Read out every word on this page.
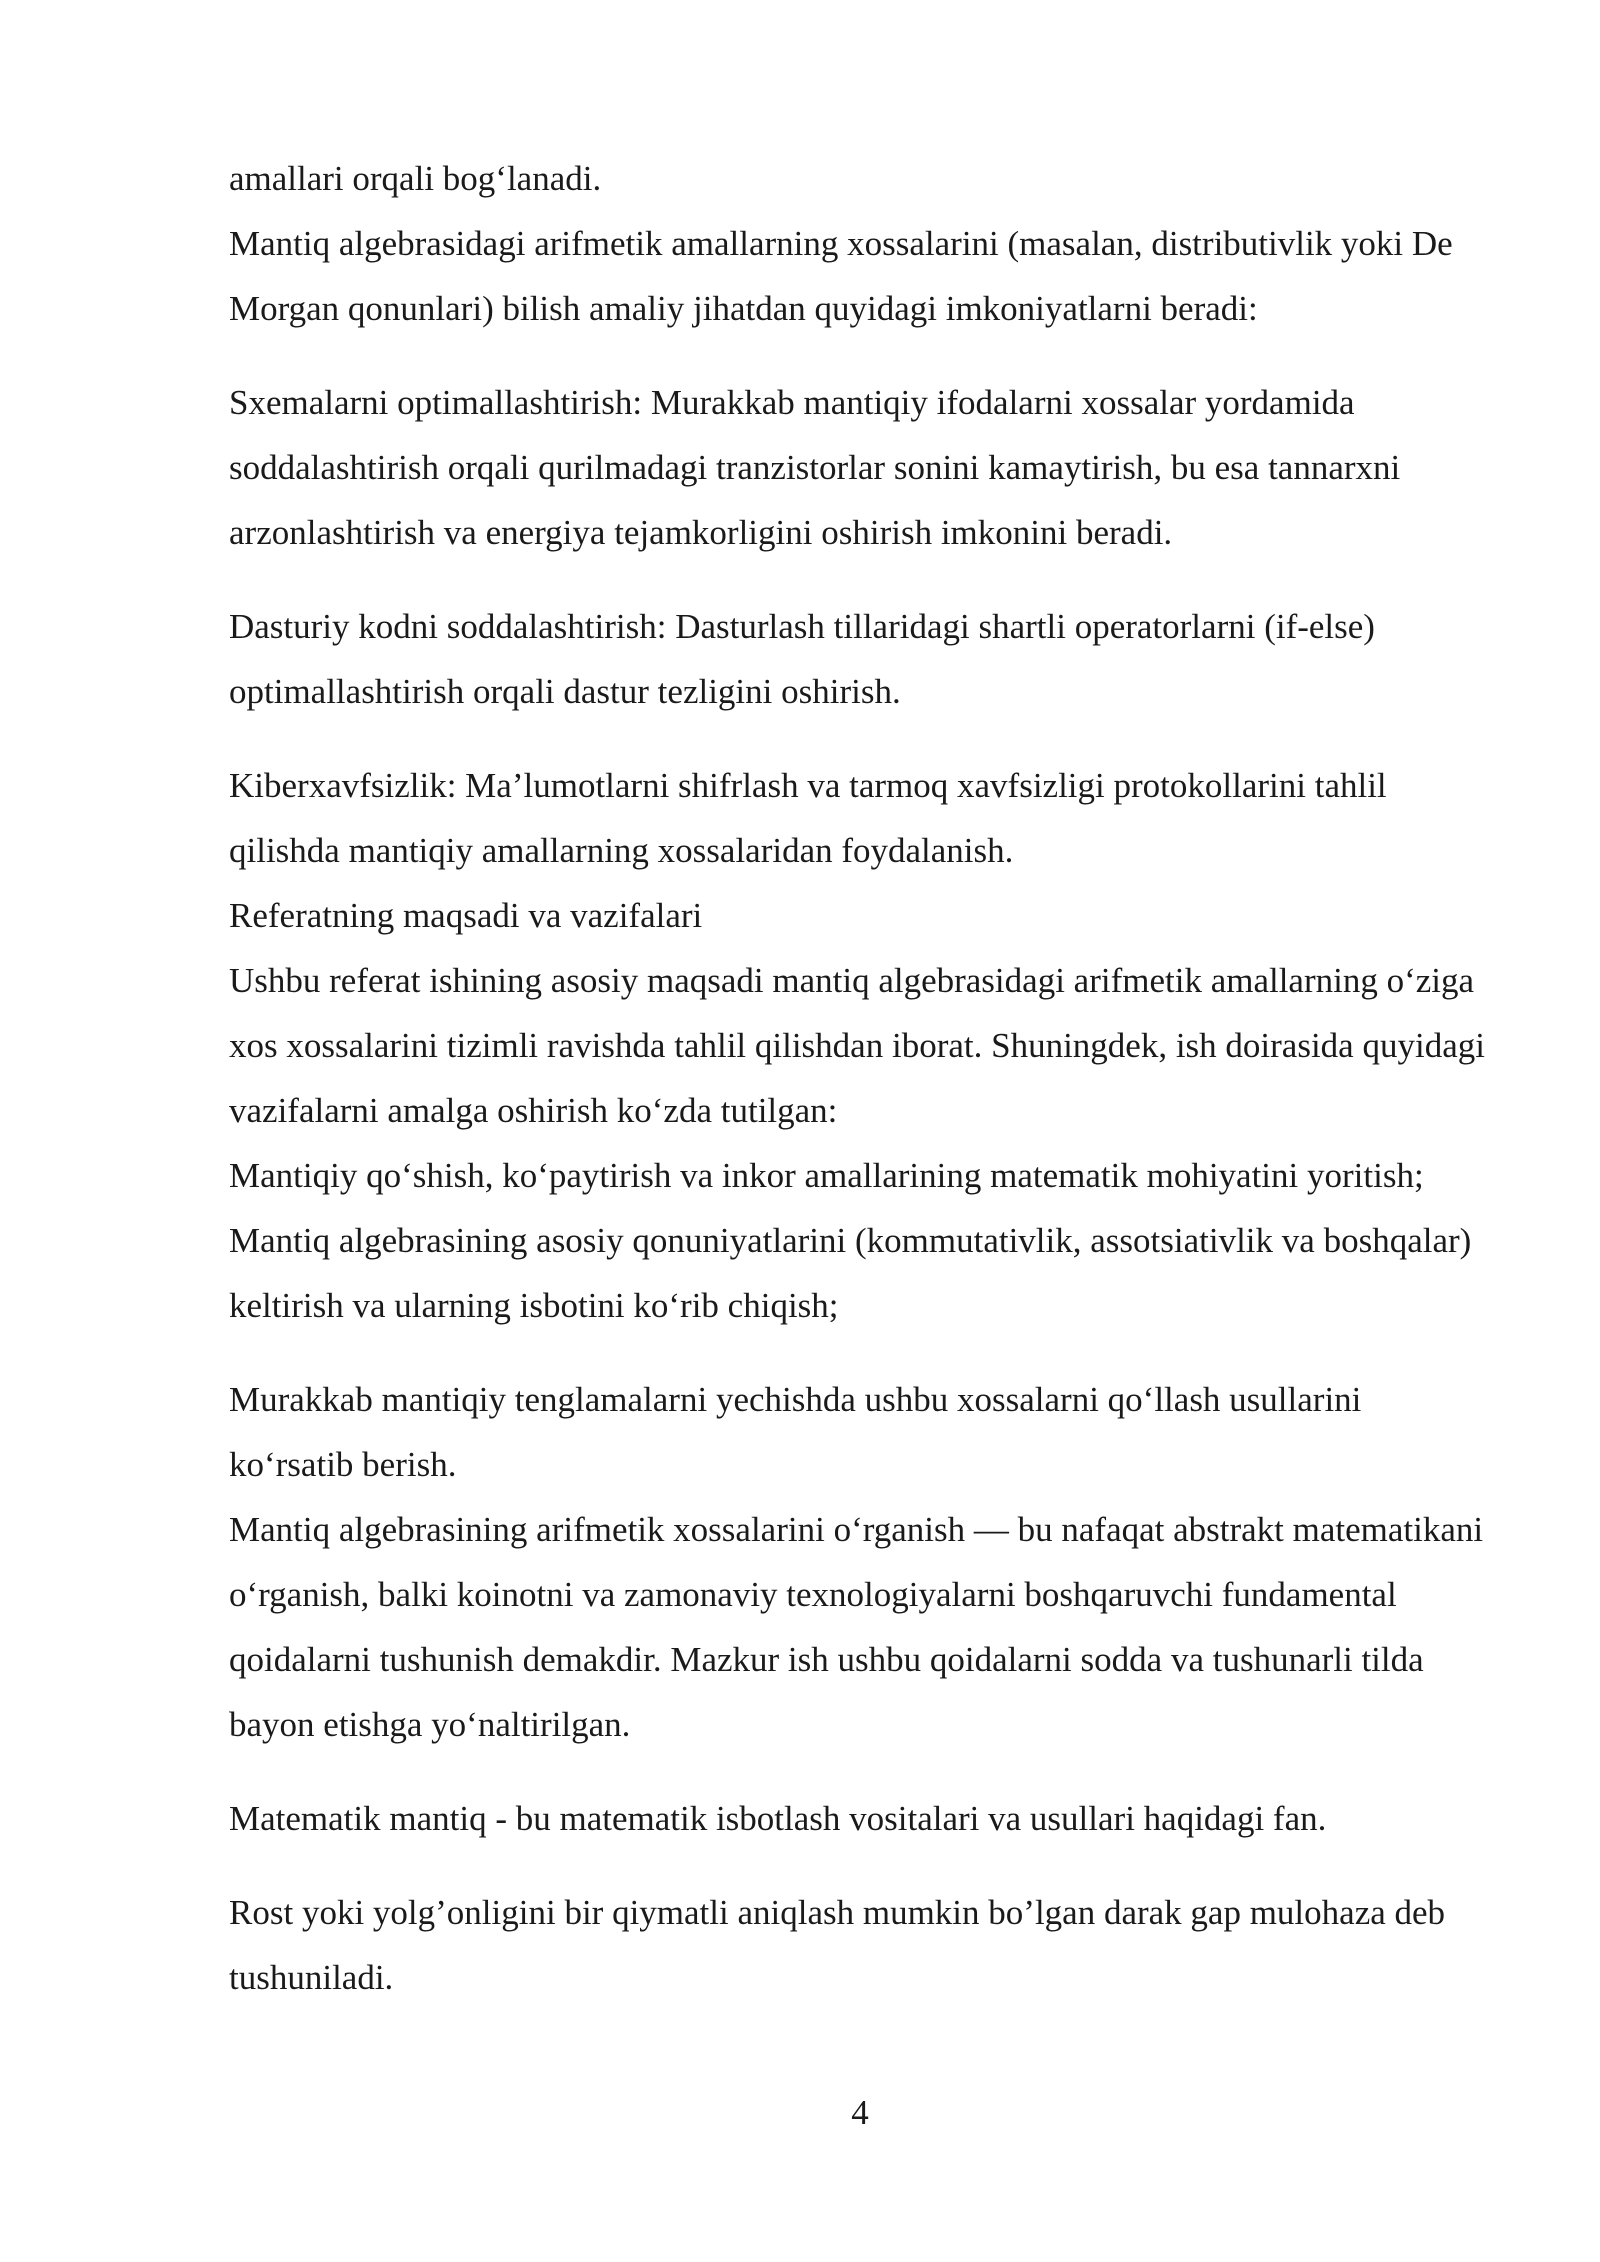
amallari orqali bog‘lanadi.

Mantiq algebrasidagi arifmetik amallarning xossalarini (masalan, distributivlik yoki De Morgan qonunlari) bilish amaliy jihatdan quyidagi imkoniyatlarni beradi:

Sxemalarni optimallashtirish: Murakkab mantiqiy ifodalarni xossalar yordamida soddalashtirish orqali qurilmadagi tranzistorlar sonini kamaytirish, bu esa tannarxni arzonlashtirish va energiya tejamkorligini oshirish imkonini beradi.

Dasturiy kodni soddalashtirish: Dasturlash tillaridagi shartli operatorlarni (if-else) optimallashtirish orqali dastur tezligini oshirish.

Kiberxavfsizlik: Ma’lumotlarni shifrlash va tarmoq xavfsizligi protokollarini tahlil qilishda mantiqiy amallarning xossalaridan foydalanish.

Referatning maqsadi va vazifalari

Ushbu referat ishining asosiy maqsadi mantiq algebrasidagi arifmetik amallarning o‘ziga xos xossalarini tizimli ravishda tahlil qilishdan iborat. Shuningdek, ish doirasida quyidagi vazifalarni amalga oshirish ko‘zda tutilgan:

Mantiqiy qo‘shish, ko‘paytirish va inkor amallarining matematik mohiyatini yoritish;

Mantiq algebrasining asosiy qonuniyatlarini (kommutativlik, assotsiativlik va boshqalar) keltirish va ularning isbotini ko‘rib chiqish;

Murakkab mantiqiy tenglamalarni yechishda ushbu xossalarni qo‘llash usullarini ko‘rsatib berish.

Mantiq algebrasining arifmetik xossalarini o‘rganish — bu nafaqat abstrakt matematikani o‘rganish, balki koinotni va zamonaviy texnologiyalarni boshqaruvchi fundamental qoidalarni tushunish demakdir. Mazkur ish ushbu qoidalarni sodda va tushunarli tilda bayon etishga yo‘naltirilgan.

Matematik mantiq - bu matematik isbotlash vositalari va usullari haqidagi fan.

Rost yoki yolg’onligini bir qiymatli aniqlash mumkin bo’lgan darak gap mulohaza deb tushuniladi.

4
